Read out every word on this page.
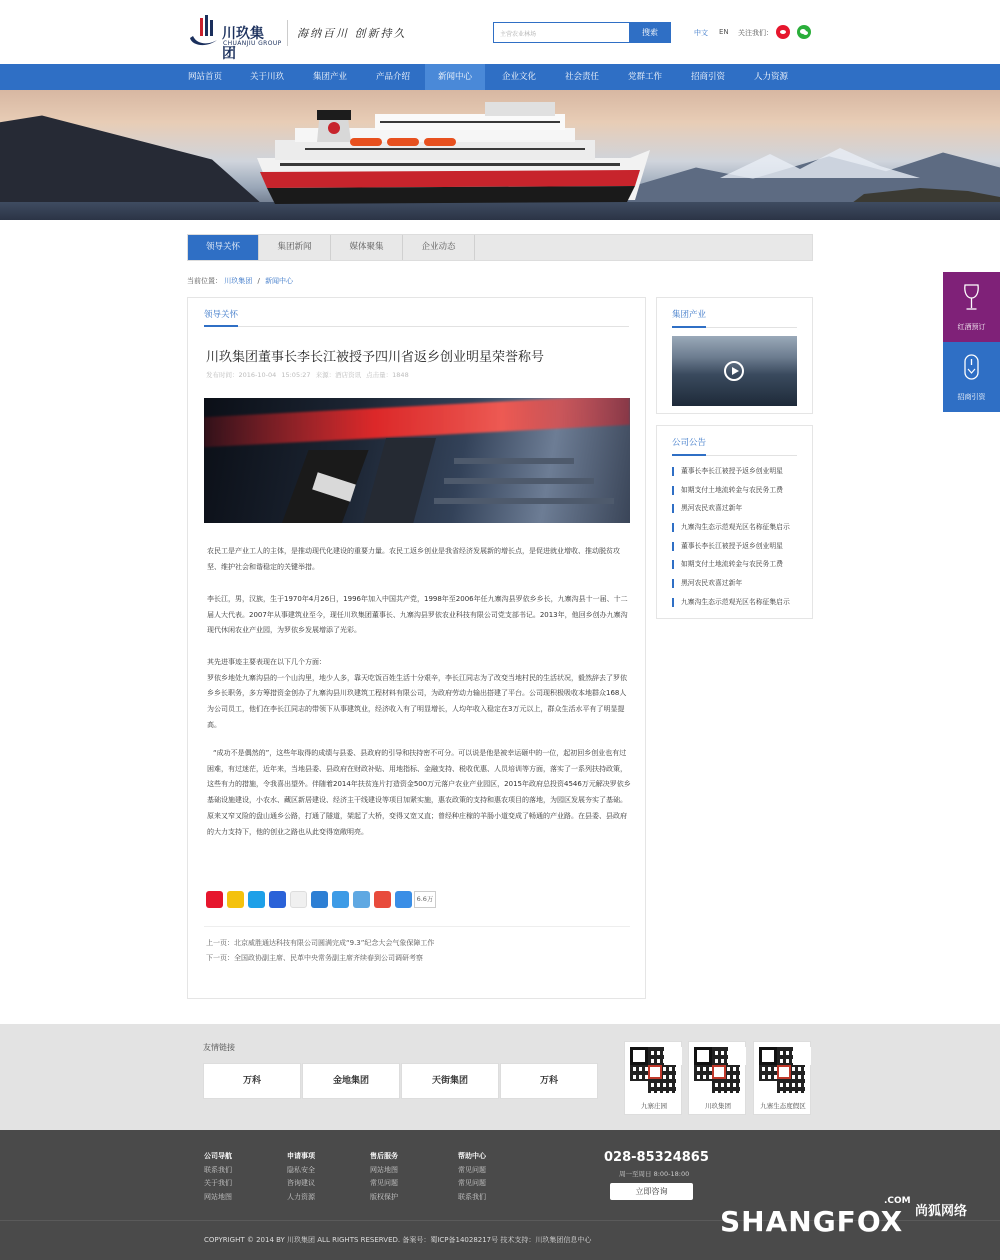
川玖集团
CHUANJIU GROUP
海纳百川 创新持久	主营农业林场	搜索	中文 EN 关注我们：
网站首页	关于川玖	集团产业	产品介绍	新闻中心	企业文化	社会责任	党群工作	招商引资	人力资源
领导关怀	集团新闻	媒体聚集	企业动态
当前位置： 川玖集团 / 新闻中心
领导关怀
川玖集团董事长李长江被授予四川省返乡创业明星荣誉称号
发布时间：2016-10-04 15:05:27 来源：酒店资讯 点击量：1848
农民工是产业工人的主体，是推动现代化建设的重要力量。农民工返乡创业是我省经济发展新的增长点，是促进就业增收、推动脱贫攻坚、维护社会和谐稳定的关键举措。
李长江，男，汉族，生于1970年4月26日，1996年加入中国共产党，1998年至2006年任九寨沟县罗依乡乡长，九寨沟县十一届、十二届人大代表。2007年从事建筑业至今，现任川玖集团董事长、九寨沟县罗依农业科技有限公司党支部书记。2013年，他回乡创办九寨沟现代休闲农业产业园，为罗依乡发展增添了光彩。
其先进事迹主要表现在以下几个方面：
罗依乡地处九寨沟县的一个山沟里，地少人多，靠天吃饭百姓生活十分艰辛，李长江同志为了改变当地村民的生活状况，毅然辞去了罗依乡乡长职务，多方筹措资金创办了九寨沟县川玖建筑工程材料有限公司，为政府劳动力输出搭建了平台。公司现积极吸收本地群众168人为公司员工，他们在李长江同志的带领下从事建筑业，经济收入有了明显增长，人均年收入稳定在3万元以上，群众生活水平有了明显提高。
“成功不是偶然的”，这些年取得的成绩与县委、县政府的引导和扶持密不可分。可以说是他是被幸运砸中的一位，起初回乡创业也有过困难，有过迷茫，近年来，当地县委、县政府在财政补贴、用地指标、金融支持、税收优惠、人员培训等方面，落实了一系列扶持政策，这些有力的措施，令我喜出望外。伴随着2014年扶贫连片打造资金500万元落户农业产业园区，2015年政府总投资4546万元解决罗依乡基础设施建设，小农水、藏区新居建设、经济主干线建设等项目加紧实施，惠农政策的支持和惠农项目的落地，为园区发展夯实了基础。原来又窄又险的盘山通乡公路，打通了隧道，架起了大桥，变得又宽又直；曾经种庄稼的羊肠小道变成了畅通的产业路。在县委、县政府的大力支持下，他的创业之路也从此变得宽敞明亮。
6.6万
上一页：北京威胜通达科技有限公司圆满完成“9.3”纪念大会气象保障工作
下一页：全国政协副主席、民革中央常务副主席齐续春到公司调研考察
集团产业
公司公告
董事长李长江被授予返乡创业明星
如期支付土地流转金与农民务工费
黑河农民欢喜过新年
九寨沟生态示范观光区名称征集启示
董事长李长江被授予返乡创业明星
如期支付土地流转金与农民务工费
黑河农民欢喜过新年
九寨沟生态示范观光区名称征集启示
红酒预订
招商引资
友情链接
万科	金地集团	天街集团	万科
九寨庄园	川玖集团	九寨生态度假区
公司导航
联系我们
关于我们
网站地图
申请事项
隐私安全
咨询建议
人力资源
售后服务
网站地图
常见问题
版权保护
帮助中心
常见问题
常见问题
联系我们
028-85324865
周一至周日 8:00-18:00
立即咨询
COPYRIGHT © 2014 BY 川玖集团 ALL RIGHTS RESERVED. 备案号：蜀ICP备14028217号 技术支持：川玖集团信息中心
.COM
SHANGFOX 尚狐网络
